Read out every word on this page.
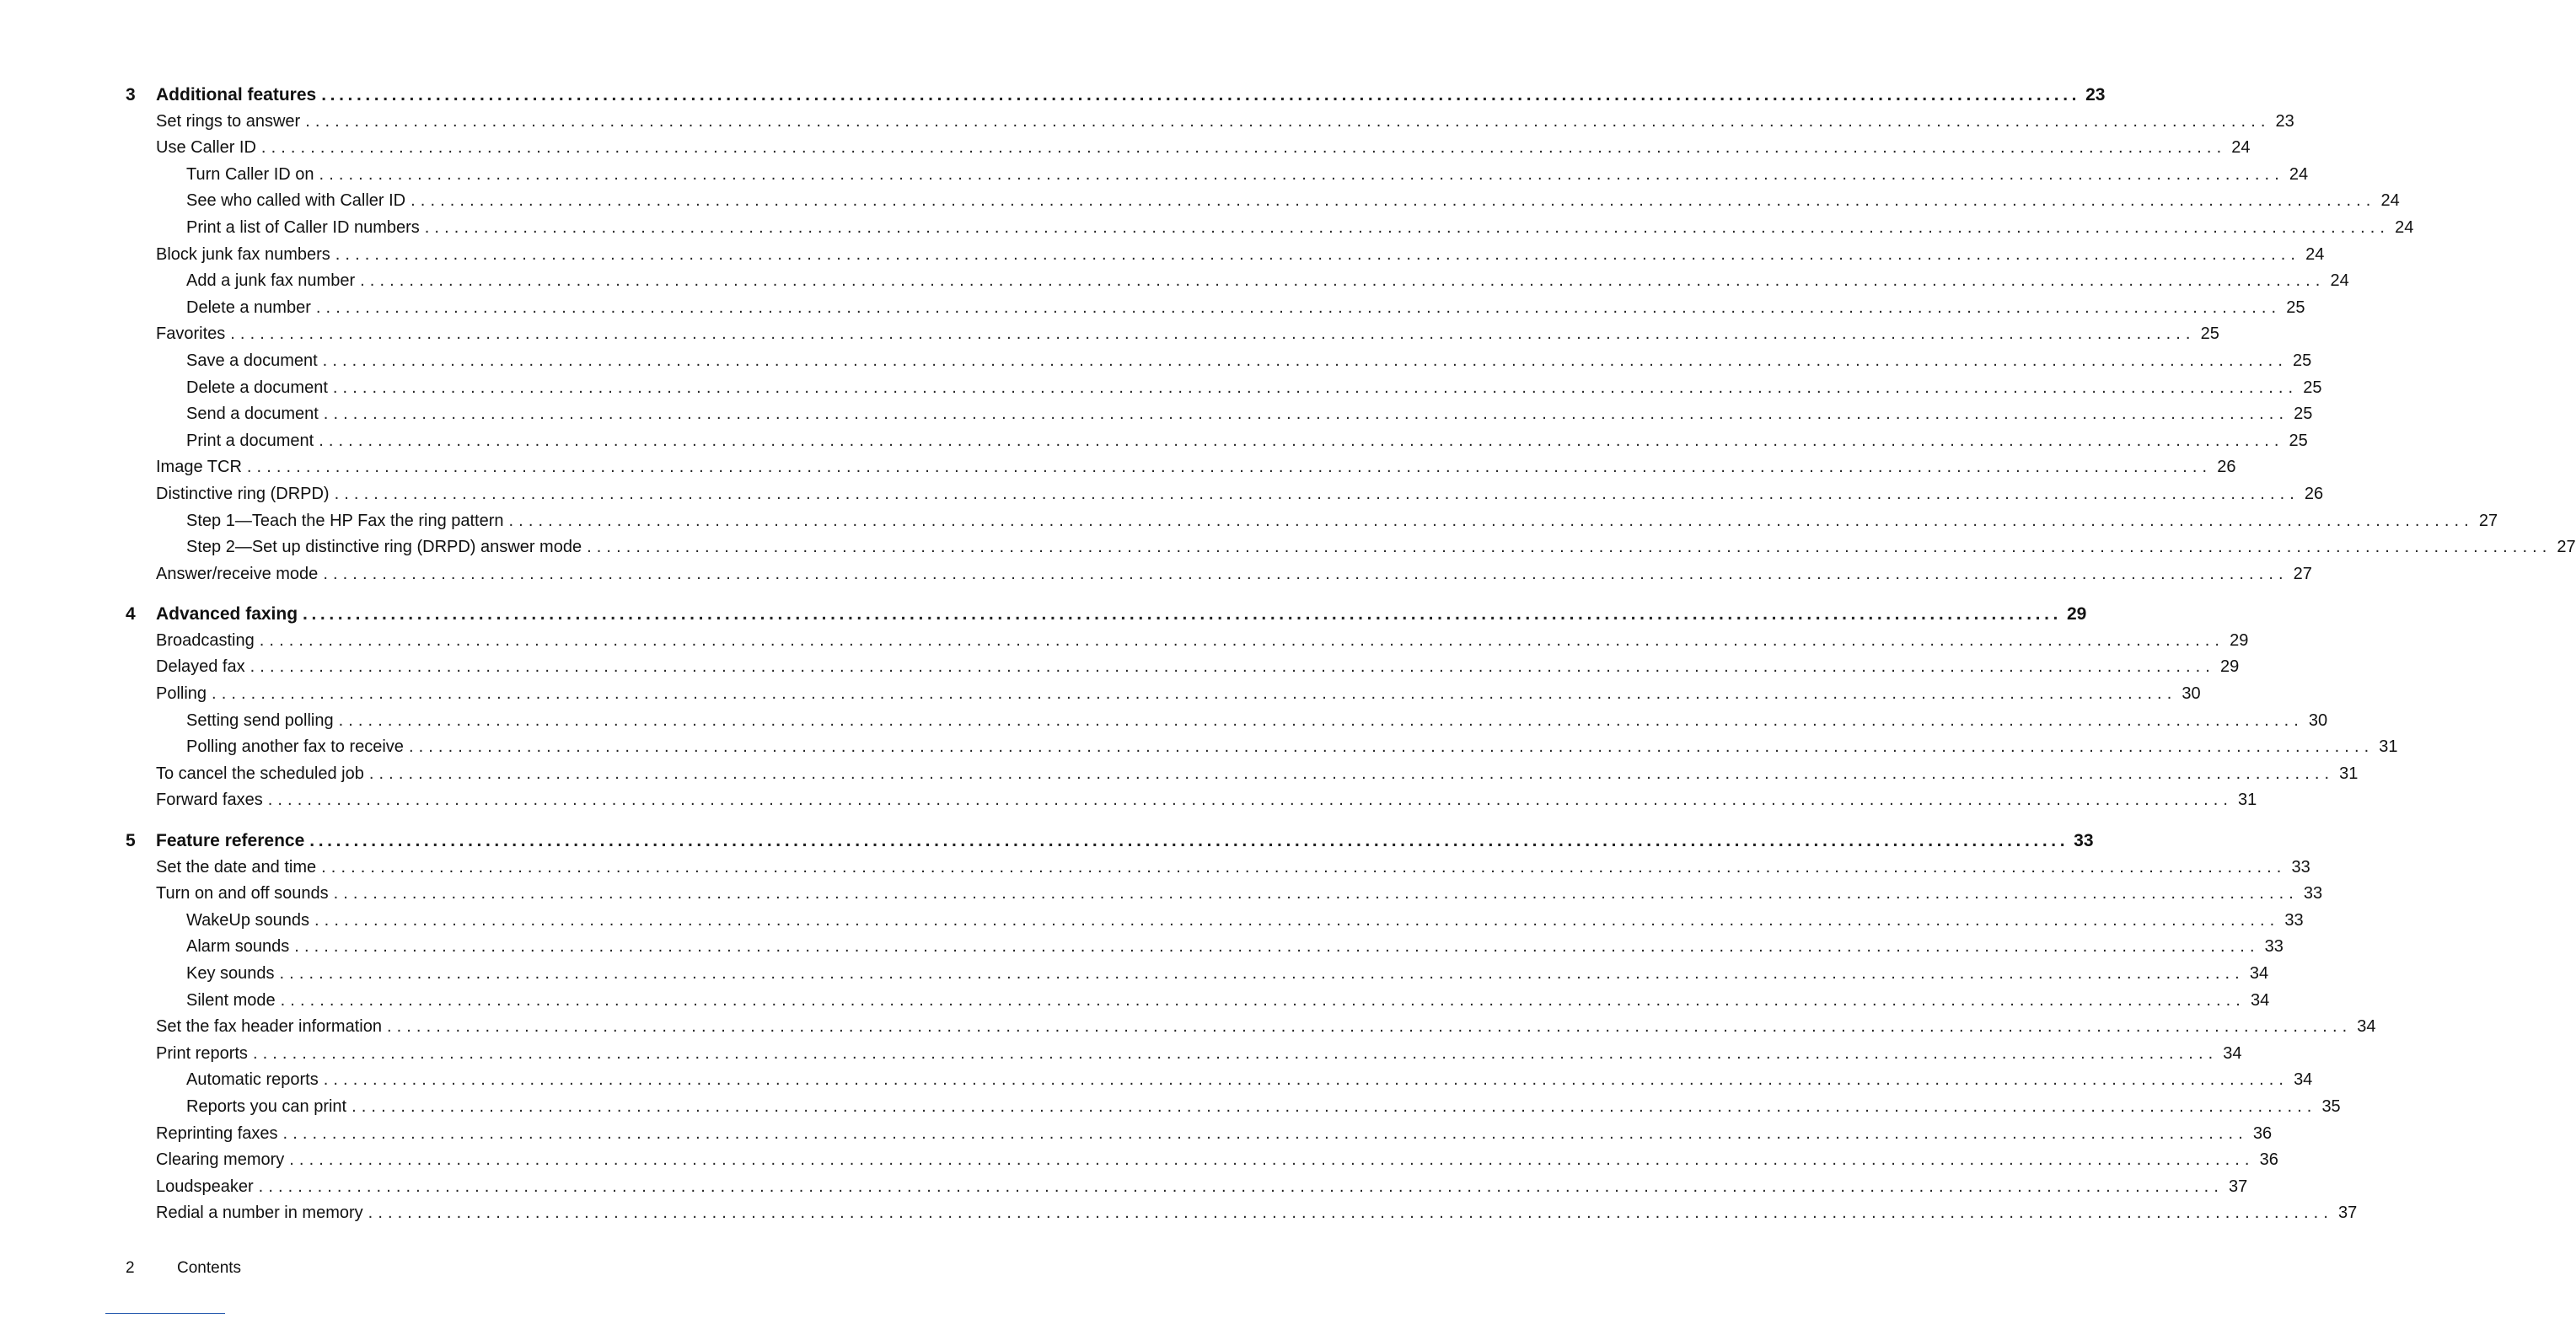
3 Additional features ........................................................................................................................................................................................................ 23
Set rings to answer ........................................................................................................................................................................................................ 23
Use Caller ID ........................................................................................................................................................................................................ 24
Turn Caller ID on ........................................................................................................................................................................................................ 24
See who called with Caller ID ........................................................................................................................................................................................................ 24
Print a list of Caller ID numbers ........................................................................................................................................................................................................ 24
Block junk fax numbers ........................................................................................................................................................................................................ 24
Add a junk fax number ........................................................................................................................................................................................................ 24
Delete a number ........................................................................................................................................................................................................ 25
Favorites ........................................................................................................................................................................................................ 25
Save a document ........................................................................................................................................................................................................ 25
Delete a document ........................................................................................................................................................................................................ 25
Send a document ........................................................................................................................................................................................................ 25
Print a document ........................................................................................................................................................................................................ 25
Image TCR ........................................................................................................................................................................................................ 26
Distinctive ring (DRPD) ........................................................................................................................................................................................................ 26
Step 1—Teach the HP Fax the ring pattern ........................................................................................................................................................................................................ 27
Step 2—Set up distinctive ring (DRPD) answer mode ........................................................................................................................................................................................................ 27
Answer/receive mode ........................................................................................................................................................................................................ 27
4 Advanced faxing ........................................................................................................................................................................................................ 29
Broadcasting ........................................................................................................................................................................................................ 29
Delayed fax ........................................................................................................................................................................................................ 29
Polling ........................................................................................................................................................................................................ 30
Setting send polling ........................................................................................................................................................................................................ 30
Polling another fax to receive ........................................................................................................................................................................................................ 31
To cancel the scheduled job ........................................................................................................................................................................................................ 31
Forward faxes ........................................................................................................................................................................................................ 31
5 Feature reference ........................................................................................................................................................................................................ 33
Set the date and time ........................................................................................................................................................................................................ 33
Turn on and off sounds ........................................................................................................................................................................................................ 33
WakeUp sounds ........................................................................................................................................................................................................ 33
Alarm sounds ........................................................................................................................................................................................................ 33
Key sounds ........................................................................................................................................................................................................ 34
Silent mode ........................................................................................................................................................................................................ 34
Set the fax header information ........................................................................................................................................................................................................ 34
Print reports ........................................................................................................................................................................................................ 34
Automatic reports ........................................................................................................................................................................................................ 34
Reports you can print ........................................................................................................................................................................................................ 35
Reprinting faxes ........................................................................................................................................................................................................ 36
Clearing memory ........................................................................................................................................................................................................ 36
Loudspeaker ........................................................................................................................................................................................................ 37
Redial a number in memory ........................................................................................................................................................................................................ 37
2	Contents
